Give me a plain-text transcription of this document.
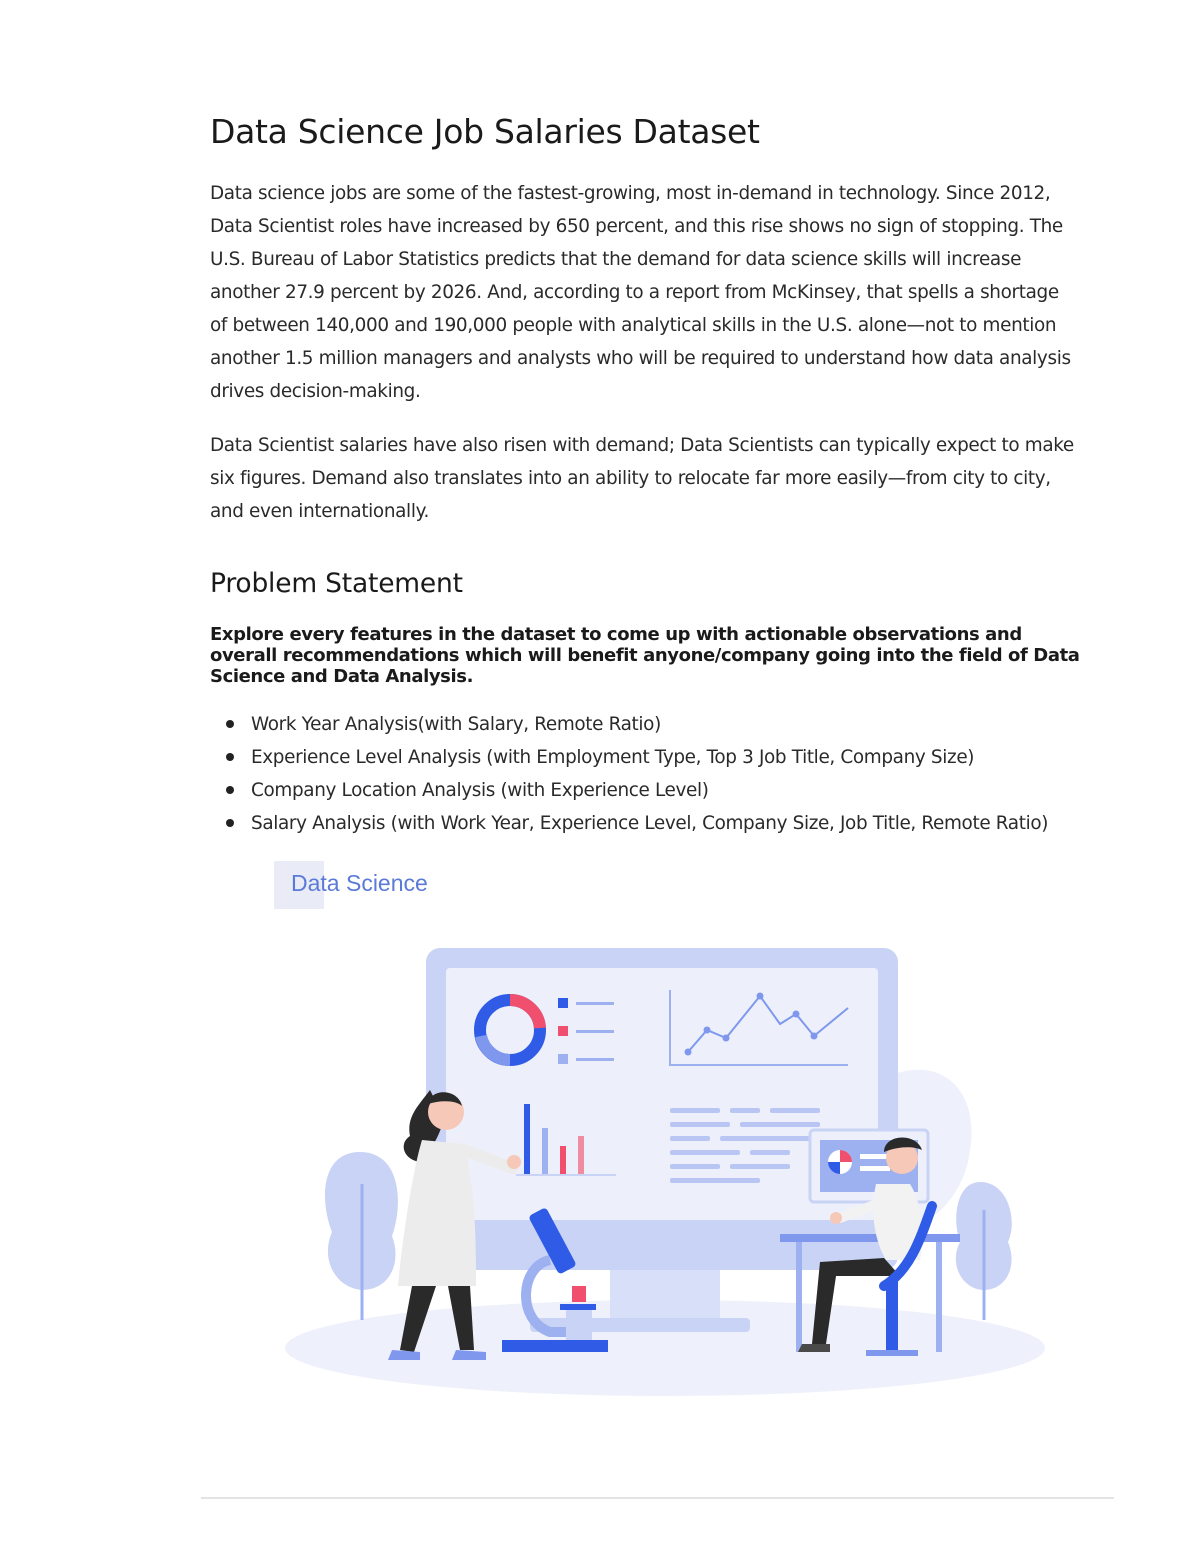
Data Science Job Salaries Dataset

Data science jobs are some of the fastest-growing, most in-demand in technology. Since 2012, Data Scientist roles have increased by 650 percent, and this rise shows no sign of stopping. The U.S. Bureau of Labor Statistics predicts that the demand for data science skills will increase another 27.9 percent by 2026. And, according to a report from McKinsey, that spells a shortage of between 140,000 and 190,000 people with analytical skills in the U.S. alone—not to mention another 1.5 million managers and analysts who will be required to understand how data analysis drives decision-making.

Data Scientist salaries have also risen with demand; Data Scientists can typically expect to make six figures. Demand also translates into an ability to relocate far more easily—from city to city, and even internationally.

Problem Statement

Explore every features in the dataset to come up with actionable observations and overall recommendations which will benefit anyone/company going into the field of Data Science and Data Analysis.

Work Year Analysis(with Salary, Remote Ratio)
Experience Level Analysis (with Employment Type, Top 3 Job Title, Company Size)
Company Location Analysis (with Experience Level)
Salary Analysis (with Work Year, Experience Level, Company Size, Job Title, Remote Ratio)
Data Science
